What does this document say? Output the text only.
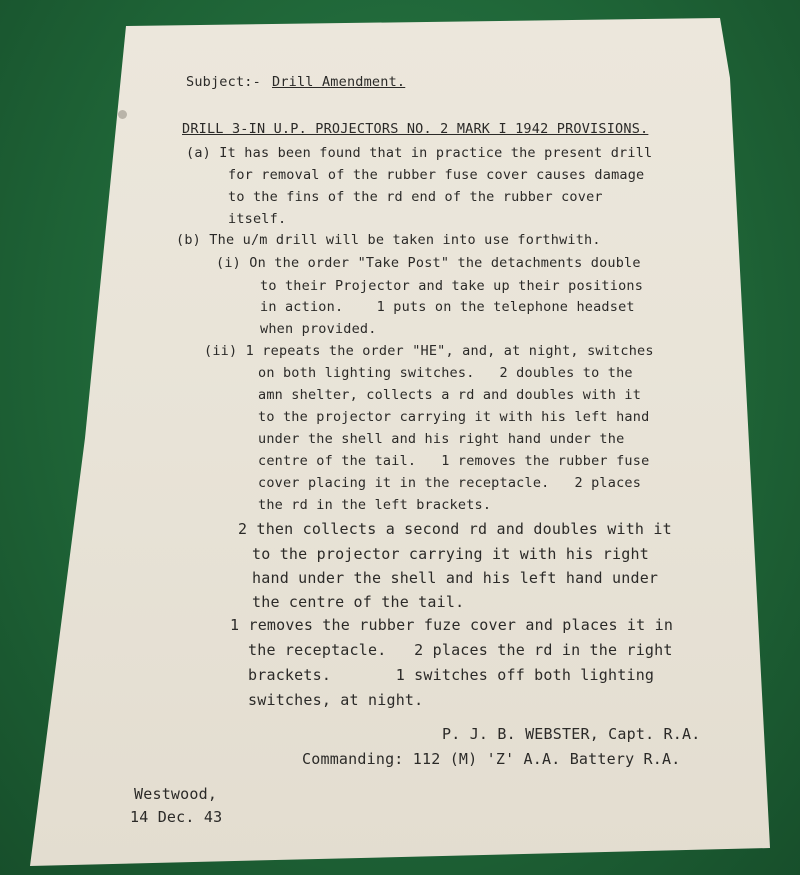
Subject:- Drill Amendment.
DRILL 3-IN U.P. PROJECTORS NO. 2 MARK I 1942 PROVISIONS.
(a) It has been found that in practice the present drill
for removal of the rubber fuse cover causes damage
to the fins of the rd end of the rubber cover
itself.
(b) The u/m drill will be taken into use forthwith.
(i) On the order "Take Post" the detachments double
to their Projector and take up their positions
in action.    1 puts on the telephone headset
when provided.
(ii) 1 repeats the order "HE", and, at night, switches
on both lighting switches.   2 doubles to the
amn shelter, collects a rd and doubles with it
to the projector carrying it with his left hand
under the shell and his right hand under the
centre of the tail.   1 removes the rubber fuse
cover placing it in the receptacle.   2 places
the rd in the left brackets.
2 then collects a second rd and doubles with it
to the projector carrying it with his right
hand under the shell and his left hand under
the centre of the tail.
1 removes the rubber fuze cover and places it in
the receptacle.   2 places the rd in the right
brackets.       1 switches off both lighting
switches, at night.
P. J. B. WEBSTER, Capt. R.A.
Commanding: 112 (M) 'Z' A.A. Battery R.A.
Westwood,
14 Dec. 43
